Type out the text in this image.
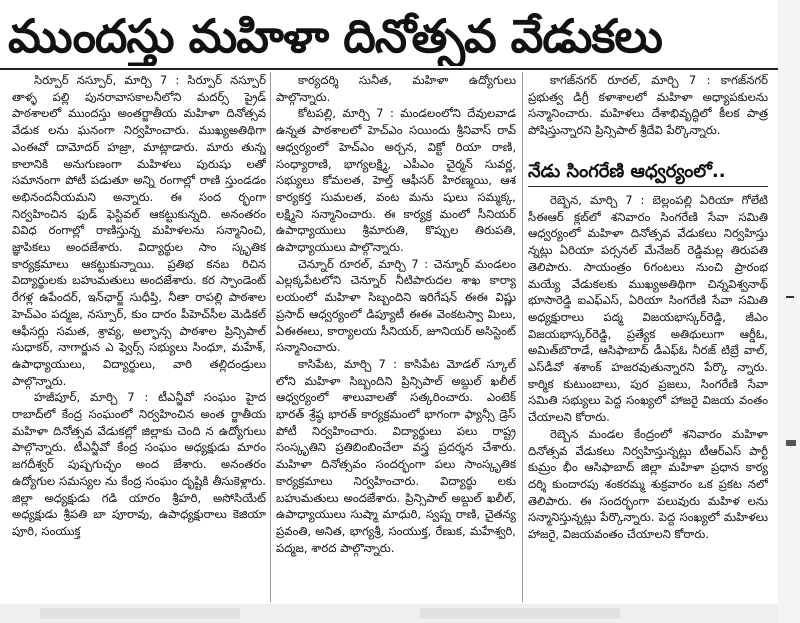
ముందస్తు మహిళా దినోత్సవ వేడుకలు

సిర్పూర్ నస్పూర్, మార్చి 7 : సిర్పూర్ నస్పూర్ తాళ్ళ పల్లి పునరావాసకాలనీలోని మదర్స్ ప్రైడ్ పాఠశాలలో ముందస్తు అంతర్జాతీయ మహిళా దినోత్సవ వేడుక లను ఘనంగా నిర్వహించారు. ముఖ్యఅతిథిగా ఎంఈవో దామోదర్ హజ్రా, మాట్లాడారు. మారు తున్న కాలానికి అనుగుణంగా మహిళలు పురుషు లతో సమానంగా పోటీ పడుతూ అన్ని రంగాల్లో రాణి స్తుండడం అభినందనీయమని అన్నారు. ఈ సంద ర్భంగా నిర్వహించిన ఫుడ్ ఫెస్టివల్ ఆకట్టుకున్నది. అనంతరం వివిధ రంగాల్లో రాణిస్తున్న మహిళలను సన్మానించి, జ్ఞాపికలు అందజేశారు. విద్యార్థుల సాం స్కృతిక కార్యక్రమాలు ఆకట్టుకున్నాయి. ప్రతిభ కనబ రిచిన విద్యార్థులకు బహుమతులు అందజేశారు. కర స్పాండెంట్ రేగళ్ల ఉపేందర్, ఇన్‌ఛార్జ్ సుధీప్తి, నీతా రాపల్లి పాఠశాల హెచ్‌ఎం పద్మజ, నస్పూర్, కుం దారం పీహెచ్‌సీల మెడికల్ ఆఫీసర్లు సమత, శ్రావ్య, అల్ఫాన్స పాఠశాల ప్రిన్సిపాల్ సుధాకర్, నాగార్జున ఎ ఫ్వెర్స్ సభ్యులు సింధూ, మహేశ్, ఉపాధ్యాయులు, విద్యార్థులు, వారి తల్లిదండ్రులు పాల్గొన్నారు.

హజీపూర్, మార్చి 7 : టీఎన్జీవో సంఘం హైద రాబాద్‌లో కేంద్ర సంఘంలో నిర్వహించిన అంత ర్జాతీయ మహిళా దినోత్సవ వేడుకల్లో జిల్లాకు చెంది న ఉద్యోగులు పాల్గొన్నారు. టీఎన్జీవో కేంద్ర సంఘం అధ్యక్షుడు మారం జగదీశ్వర్ పుష్పగుచ్ఛం అంద జేశారు. అనంతరం ఉద్యోగుల సమస్యల ను కేంద్ర సంఘం దృష్టికి తీసుకెళ్లారు. జిల్లా అధ్యక్షుడు గడి యారం శ్రీహరి, అసోసియేట్ అధ్యక్షుడు శ్రీపతి బా పూరావు, ఉపాధ్యక్షురాలు కెజియా పూరి, సంయుక్త

కార్యదర్శి సునీత, మహిళా ఉద్యోగులు పాల్గొన్నారు.

కోటపల్లి, మార్చి 7 : మండలంలోని దేవులవాడ ఉన్నత పాఠశాలలో హెచ్ఎం సయిందు శ్రీనివాస్ రావ్ ఆధ్వర్యంలో హెచ్‌ఎం అర్చన, విక్టో రియా రాణి, సంధ్యారాణి, భాగ్యలక్ష్మి, ఎపీఎం చైర్మన్ సువర్ణ, సభ్యులు కోమలత, హెల్త్ ఆఫీసర్ హిరణ్మయి, ఆశ కార్యకర్త సుమలత, వంట మను షులు సమ్మక్క, లక్ష్మిని సన్మానించారు. ఈ కార్యక్ర మంలో సీనియర్ ఉపాధ్యాయులు శ్రీమారుతి, కొప్పుల తిరుపతి, ఉపాధ్యాయులు పాల్గొన్నారు.

చెన్నూర్ రూరల్, మార్చి 7 : చెన్నూర్ మండలం ఎల్లక్కపేటలోని చెన్నూర్ నీటిపారుదల శాఖ కార్యా లయంలో మహిళా సిబ్బందిని ఇరిగేషన్ ఈఈ విష్ణు ప్రసాద్ ఆధ్వర్యంలో డిప్యూటీ ఈఈ వెంకటస్వా మిలు, ఏఈఈలు, కార్యాలయ సీనియర్, జూనియర్ అసిస్టెంట్ సన్మానించారు.

కాసిపేట, మార్చి 7 : కాసిపేట మోడల్ స్కూల్ లోని మహిళా సిబ్బందిని ప్రిన్సిపాల్ అబ్దుల్ ఖలీల్ ఆధ్వర్యంలో శాలువాలతో సత్కరించారు. ఎంటెక్ భారత్ శ్రేష్ఠ భారత్ కార్యక్రమంలో భాగంగా ఫ్యాన్సీ డ్రెస్ పోటీ నిర్వహించారు. విద్యార్థులు పలు రాష్ట్ర సంస్కృతిని ప్రతిబింబించేలా వస్త్ర ప్రదర్శన చేశారు. మహిళా దినోత్సవం సందర్భంగా పలు సాంస్కృతిక కార్యక్రమాలు నిర్వహించారు. విద్యార్థు లకు బహుమతులు అందజేశారు. ప్రిన్సిపాల్ అబ్దుల్ ఖలీల్, ఉపాధ్యాయులు సుష్మా మాధురి, స్వప్న రాణి, చైతన్య ప్రవంతి, అనిత, భాగ్యశ్రీ, సంయుక్త, రేణుక, మహేశ్వరి, పద్మజ, శారద పాల్గొన్నారు.

కాగజ్‌నగర్ రూరల్, మార్చి 7 : కాగజ్‌నగర్ ప్రభుత్వ డిగ్రీ కళాశాలలో మహిళా అధ్యాపకులను సన్మానించారు. మహిళలు దేశాభివృద్ధిలో కీలక పాత్ర పోషిస్తున్నారని ప్రిన్సిపాల్ శ్రీదేవి పేర్కొన్నారు.

నేడు సింగరేణి ఆధ్వర్యంలో..

రెబ్బెన, మార్చి 7 : బెల్లంపల్లి ఏరియా గోలేటి సీఈఆర్ క్లబ్‌లో శనివారం సింగరేణి సేవా సమితి ఆధ్వర్యంలో మహిళా దినోత్సవ వేడుకలు నిర్వహిస్తు న్నట్లు ఏరియా పర్సనల్ మేనేజర్ రెడ్డిమల్ల తిరుపతి తెలిపారు. సాయంత్రం 6గంటలు నుంచి ప్రారంభ మయ్యే వేడుకలకు ముఖ్యఅతిథిగా చిన్నవిశ్వనాథ్ భూసారెడ్డి ఐఎఫ్ఎస్, ఏరియా సింగరేణి సేవా సమితి అధ్యక్షురాలు పద్మ విజయభాస్కర్‌రెడ్డి, జీఎం విజయభాస్కర్‌రెడ్డి, ప్రత్యేక అతిథులుగా ఆర్డీఓ, అమిత్‌బొరాడే, ఆసిఫాబాద్ డీఎఫ్‌ఓ నీరజ్ టిబ్రే వాల్, ఎస్‌డీవో శశాంక్ హజరవుతున్నారని పేర్కొ న్నారు. కార్మిక కుటుంబాలు, పుర ప్రజలు, సింగరేణి సేవా సమితి సభ్యులు పెద్ద సంఖ్యలో హాజరై విజయ వంతం చేయాలని కోరారు.

రెబ్బెన మండల కేంద్రంలో శనివారం మహిళా దినోత్సవ వేడుకలు నిర్వహిస్తున్నట్లు టీఆర్ఎస్ పార్టీ కుమ్రం భీం ఆసిఫాబాద్ జిల్లా మహిళా ప్రధాన కార్య దర్శి కుందారపు శంకరమ్మ శుక్రవారం ఒక ప్రకట నలో తెలిపారు. ఈ సందర్భంగా పలువురు మహిళ లను సన్మానిస్తున్నట్లు పేర్కొన్నారు. పెద్ద సంఖ్యలో మహిళలు హాజరై, విజయవంతం చేయాలని కోరారు.
